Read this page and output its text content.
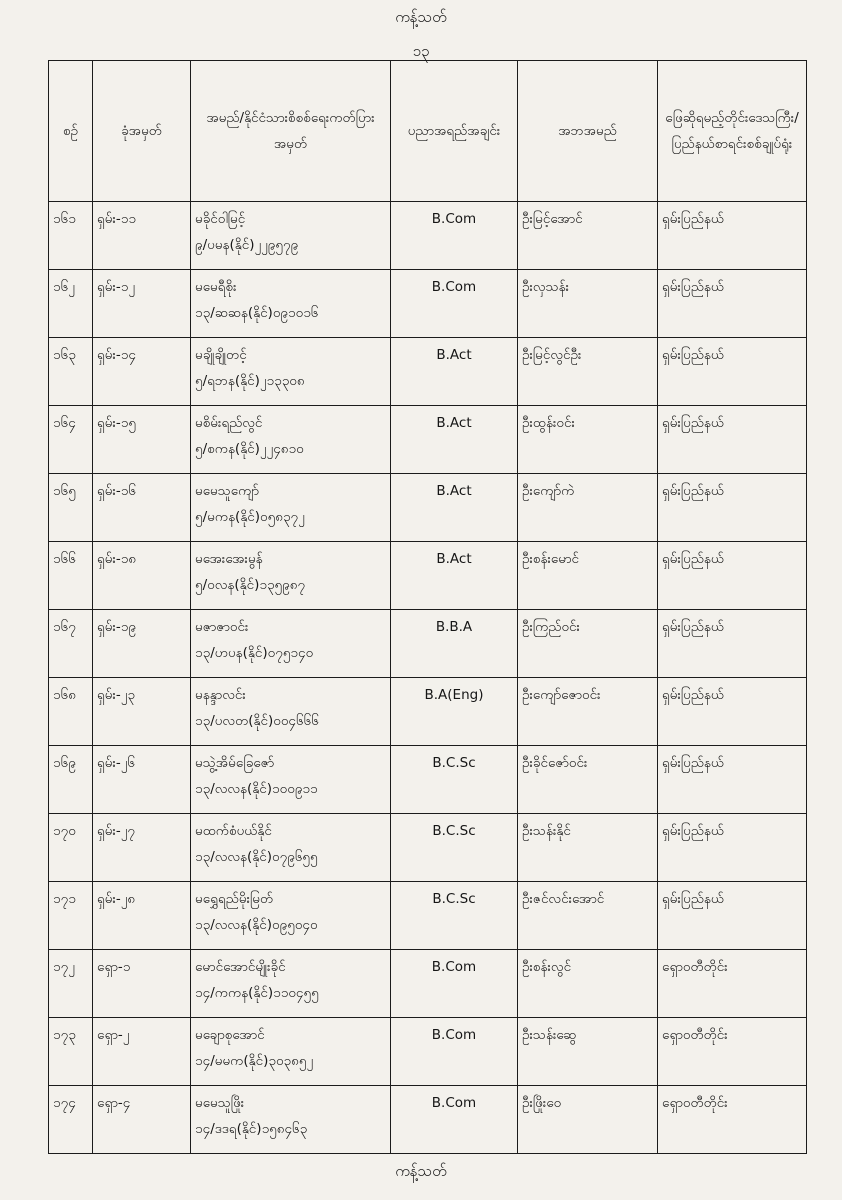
ကန့်သတ်
၁၃
စဉ်	ခုံအမှတ်	အမည်/နိုင်ငံသားစိစစ်ရေးကတ်ပြားအမှတ်	ပညာအရည်အချင်း	အဘအမည်	ဖြေဆိုရမည့်တိုင်းဒေသကြီး/ပြည်နယ်စာရင်းစစ်ချုပ်ရုံး
၁၆၁	ရှမ်း-၁၁	မခိုင်ဝါမြင့်
၉/ပမန(နိုင်)၂၂၉၅၇၉	B.Com	ဦးမြင့်အောင်	ရှမ်းပြည်နယ်
၁၆၂	ရှမ်း-၁၂	မမေရီစိုး
၁၃/ဆဆန(နိုင်)၀၉၁၀၁၆	B.Com	ဦးလှသန်း	ရှမ်းပြည်နယ်
၁၆၃	ရှမ်း-၁၄	မချိုချိုတင့်
၅/ရဘန(နိုင်)၂၁၃၃၀၈	B.Act	ဦးမြင့်လွင်ဦး	ရှမ်းပြည်နယ်
၁၆၄	ရှမ်း-၁၅	မစိမ်းရည်လွင်
၅/စကန(နိုင်)၂၂၄၈၁၀	B.Act	ဦးထွန်းဝင်း	ရှမ်းပြည်နယ်
၁၆၅	ရှမ်း-၁၆	မမေသူကျော်
၅/မကန(နိုင်)၀၅၈၃၇၂	B.Act	ဦးကျော်ကဲ	ရှမ်းပြည်နယ်
၁၆၆	ရှမ်း-၁၈	မအေးအေးမွန်
၅/ဝလန(နိုင်)၁၃၅၉၈၇	B.Act	ဦးစန်းမောင်	ရှမ်းပြည်နယ်
၁၆၇	ရှမ်း-၁၉	မဇာဇာဝင်း
၁၃/ဟပန(နိုင်)၀၇၅၁၄၀	B.B.A	ဦးကြည်ဝင်း	ရှမ်းပြည်နယ်
၁၆၈	ရှမ်း-၂၃	မနန္ဒာလင်း
၁၃/ပလတ(နိုင်)၀၀၄၆၆၆	B.A(Eng)	ဦးကျော်ဇောဝင်း	ရှမ်းပြည်နယ်
၁၆၉	ရှမ်း-၂၆	မသွဲ့အိမ်ခြေဇော်
၁၃/လလန(နိုင်)၁၀၀၉၁၁	B.C.Sc	ဦးခိုင်ဇော်ဝင်း	ရှမ်းပြည်နယ်
၁၇၀	ရှမ်း-၂၇	မထက်စံပယ်နိုင်
၁၃/လလန(နိုင်)၀၇၉၆၅၅	B.C.Sc	ဦးသန်းနိုင်	ရှမ်းပြည်နယ်
၁၇၁	ရှမ်း-၂၈	မရွှေရည်မိုးမြတ်
၁၃/လလန(နိုင်)၀၉၅၀၄၀	B.C.Sc	ဦးဇင်လင်းအောင်	ရှမ်းပြည်နယ်
၁၇၂	ရှော-၁	မောင်အောင်မျိုးခိုင်
၁၄/ကကန(နိုင်)၁၁၀၄၅၅	B.Com	ဦးစန်းလွင်	ရှောဝတီတိုင်း
၁၇၃	ရှော-၂	မချောစုအောင်
၁၄/မမက(နိုင်)၃၀၃၈၅၂	B.Com	ဦးသန်းဆွေ	ရှောဝတီတိုင်း
၁၇၄	ရှော-၄	မမေသူဖြိုး
၁၄/ဒဒရ(နိုင်)၁၅၈၄၆၃	B.Com	ဦးဖြိုးဝေ	ရှောဝတီတိုင်း
ကန့်သတ်
